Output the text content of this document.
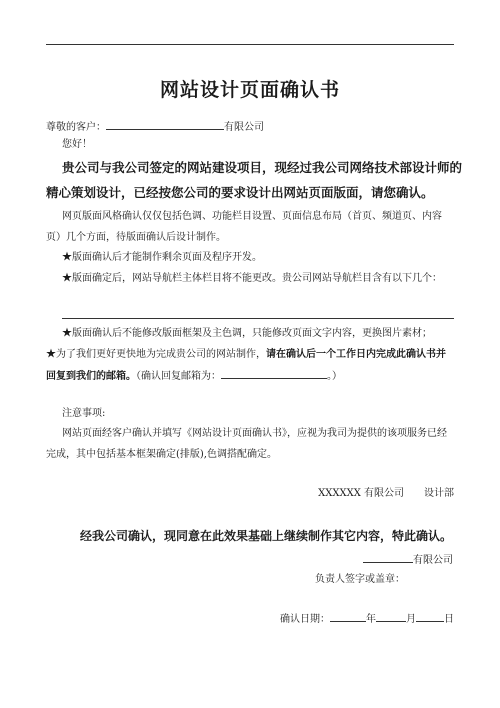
网站设计页面确认书
尊敬的客户：	有限公司
您好！
贵公司与我公司签定的网站建设项目，现经过我公司网络技术部设计师的
精心策划设计，已经按您公司的要求设计出网站页面版面，请您确认。
网页版面风格确认仅仅包括色调、功能栏目设置、页面信息布局（首页、频道页、内容
页）几个方面，待版面确认后设计制作。
★版面确认后才能制作剩余页面及程序开发。
★版面确定后，网站导航栏主体栏目将不能更改。贵公司网站导航栏目含有以下几个：
★版面确认后不能修改版面框架及主色调，只能修改页面文字内容，更换图片素材；
★为了我们更好更快地为完成贵公司的网站制作，请在确认后一个工作日内完成此确认书并
回复到我们的邮箱。（确认回复邮箱为：	。）
注意事项:
网站页面经客户确认并填写《网站设计页面确认书》，应视为我司为提供的该项服务已经
完成，其中包括基本框架确定(排版),色调搭配确定。
XXXXXX 有限公司　　设计部
经我公司确认，现同意在此效果基础上继续制作其它内容，特此确认。
有限公司
负责人签字或盖章：
确认日期：	年	月	日
